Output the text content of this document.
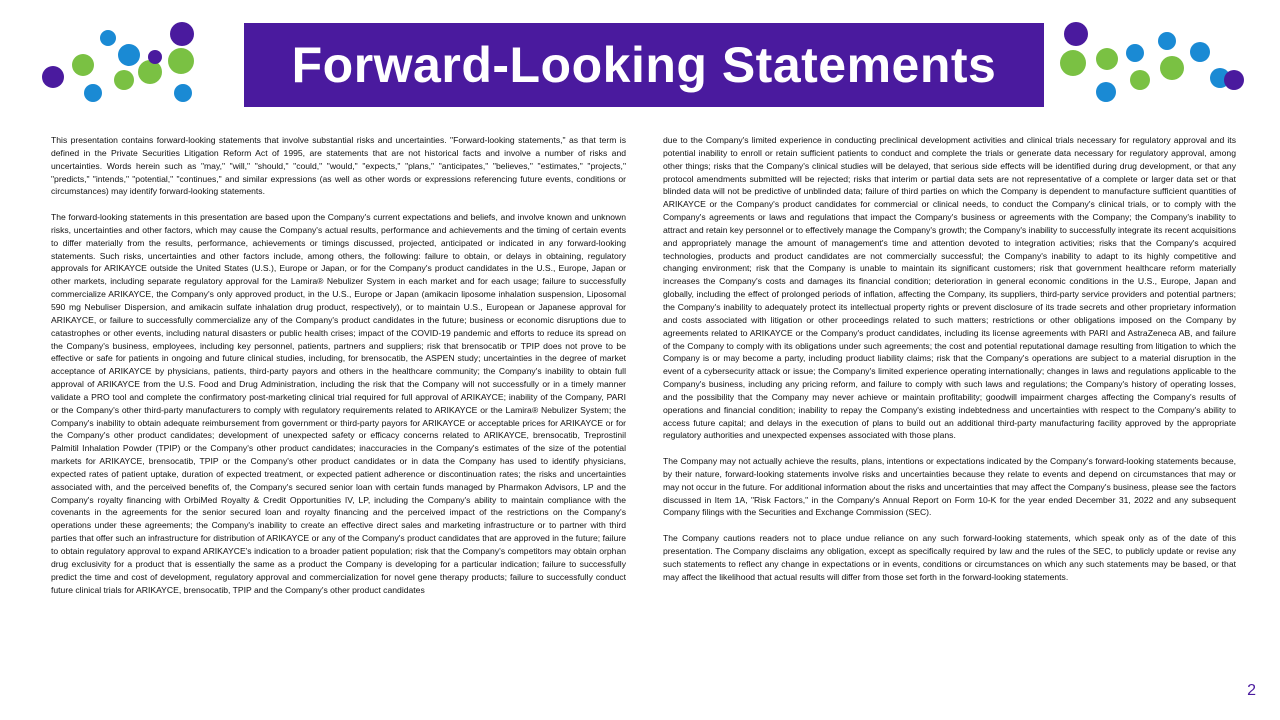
Forward-Looking Statements

This presentation contains forward-looking statements that involve substantial risks and uncertainties. "Forward-looking statements," as that term is defined in the Private Securities Litigation Reform Act of 1995, are statements that are not historical facts and involve a number of risks and uncertainties. Words herein such as "may," "will," "should," "could," "would," "expects," "plans," "anticipates," "believes," "estimates," "projects," "predicts," "intends," "potential," "continues," and similar expressions (as well as other words or expressions referencing future events, conditions or circumstances) may identify forward-looking statements.

The forward-looking statements in this presentation are based upon the Company's current expectations and beliefs, and involve known and unknown risks, uncertainties and other factors, which may cause the Company's actual results, performance and achievements and the timing of certain events to differ materially from the results, performance, achievements or timings discussed, projected, anticipated or indicated in any forward-looking statements. Such risks, uncertainties and other factors include, among others, the following: failure to obtain, or delays in obtaining, regulatory approvals for ARIKAYCE outside the United States (U.S.), Europe or Japan, or for the Company's product candidates in the U.S., Europe, Japan or other markets, including separate regulatory approval for the Lamira® Nebulizer System in each market and for each usage; failure to successfully commercialize ARIKAYCE, the Company's only approved product, in the U.S., Europe or Japan (amikacin liposome inhalation suspension, Liposomal 590 mg Nebuliser Dispersion, and amikacin sulfate inhalation drug product, respectively), or to maintain U.S., European or Japanese approval for ARIKAYCE, or failure to successfully commercialize any of the Company's product candidates in the future; business or economic disruptions due to catastrophes or other events, including natural disasters or public health crises; impact of the COVID-19 pandemic and efforts to reduce its spread on the Company's business, employees, including key personnel, patients, partners and suppliers; risk that brensocatib or TPIP does not prove to be effective or safe for patients in ongoing and future clinical studies, including, for brensocatib, the ASPEN study; uncertainties in the degree of market acceptance of ARIKAYCE by physicians, patients, third-party payors and others in the healthcare community; the Company's inability to obtain full approval of ARIKAYCE from the U.S. Food and Drug Administration, including the risk that the Company will not successfully or in a timely manner validate a PRO tool and complete the confirmatory post-marketing clinical trial required for full approval of ARIKAYCE; inability of the Company, PARI or the Company's other third-party manufacturers to comply with regulatory requirements related to ARIKAYCE or the Lamira® Nebulizer System; the Company's inability to obtain adequate reimbursement from government or third-party payors for ARIKAYCE or acceptable prices for ARIKAYCE or for the Company's other product candidates; development of unexpected safety or efficacy concerns related to ARIKAYCE, brensocatib, Treprostinil Palmitil Inhalation Powder (TPIP) or the Company's other product candidates; inaccuracies in the Company's estimates of the size of the potential markets for ARIKAYCE, brensocatib, TPIP or the Company's other product candidates or in data the Company has used to identify physicians, expected rates of patient uptake, duration of expected treatment, or expected patient adherence or discontinuation rates; the risks and uncertainties associated with, and the perceived benefits of, the Company's secured senior loan with certain funds managed by Pharmakon Advisors, LP and the Company's royalty financing with OrbiMed Royalty & Credit Opportunities IV, LP, including the Company's ability to maintain compliance with the covenants in the agreements for the senior secured loan and royalty financing and the perceived impact of the restrictions on the Company's operations under these agreements; the Company's inability to create an effective direct sales and marketing infrastructure or to partner with third parties that offer such an infrastructure for distribution of ARIKAYCE or any of the Company's product candidates that are approved in the future; failure to obtain regulatory approval to expand ARIKAYCE's indication to a broader patient population; risk that the Company's competitors may obtain orphan drug exclusivity for a product that is essentially the same as a product the Company is developing for a particular indication; failure to successfully predict the time and cost of development, regulatory approval and commercialization for novel gene therapy products; failure to successfully conduct future clinical trials for ARIKAYCE, brensocatib, TPIP and the Company's other product candidates

due to the Company's limited experience in conducting preclinical development activities and clinical trials necessary for regulatory approval and its potential inability to enroll or retain sufficient patients to conduct and complete the trials or generate data necessary for regulatory approval, among other things; risks that the Company's clinical studies will be delayed, that serious side effects will be identified during drug development, or that any protocol amendments submitted will be rejected; risks that interim or partial data sets are not representative of a complete or larger data set or that blinded data will not be predictive of unblinded data; failure of third parties on which the Company is dependent to manufacture sufficient quantities of ARIKAYCE or the Company's product candidates for commercial or clinical needs, to conduct the Company's clinical trials, or to comply with the Company's agreements or laws and regulations that impact the Company's business or agreements with the Company; the Company's inability to attract and retain key personnel or to effectively manage the Company's growth; the Company's inability to successfully integrate its recent acquisitions and appropriately manage the amount of management's time and attention devoted to integration activities; risks that the Company's acquired technologies, products and product candidates are not commercially successful; the Company's inability to adapt to its highly competitive and changing environment; risk that the Company is unable to maintain its significant customers; risk that government healthcare reform materially increases the Company's costs and damages its financial condition; deterioration in general economic conditions in the U.S., Europe, Japan and globally, including the effect of prolonged periods of inflation, affecting the Company, its suppliers, third-party service providers and potential partners; the Company's inability to adequately protect its intellectual property rights or prevent disclosure of its trade secrets and other proprietary information and costs associated with litigation or other proceedings related to such matters; restrictions or other obligations imposed on the Company by agreements related to ARIKAYCE or the Company's product candidates, including its license agreements with PARI and AstraZeneca AB, and failure of the Company to comply with its obligations under such agreements; the cost and potential reputational damage resulting from litigation to which the Company is or may become a party, including product liability claims; risk that the Company's operations are subject to a material disruption in the event of a cybersecurity attack or issue; the Company's limited experience operating internationally; changes in laws and regulations applicable to the Company's business, including any pricing reform, and failure to comply with such laws and regulations; the Company's history of operating losses, and the possibility that the Company may never achieve or maintain profitability; goodwill impairment charges affecting the Company's results of operations and financial condition; inability to repay the Company's existing indebtedness and uncertainties with respect to the Company's ability to access future capital; and delays in the execution of plans to build out an additional third-party manufacturing facility approved by the appropriate regulatory authorities and unexpected expenses associated with those plans.

The Company may not actually achieve the results, plans, intentions or expectations indicated by the Company's forward-looking statements because, by their nature, forward-looking statements involve risks and uncertainties because they relate to events and depend on circumstances that may or may not occur in the future. For additional information about the risks and uncertainties that may affect the Company's business, please see the factors discussed in Item 1A, "Risk Factors," in the Company's Annual Report on Form 10-K for the year ended December 31, 2022 and any subsequent Company filings with the Securities and Exchange Commission (SEC).

The Company cautions readers not to place undue reliance on any such forward-looking statements, which speak only as of the date of this presentation. The Company disclaims any obligation, except as specifically required by law and the rules of the SEC, to publicly update or revise any such statements to reflect any change in expectations or in events, conditions or circumstances on which any such statements may be based, or that may affect the likelihood that actual results will differ from those set forth in the forward-looking statements.

2
